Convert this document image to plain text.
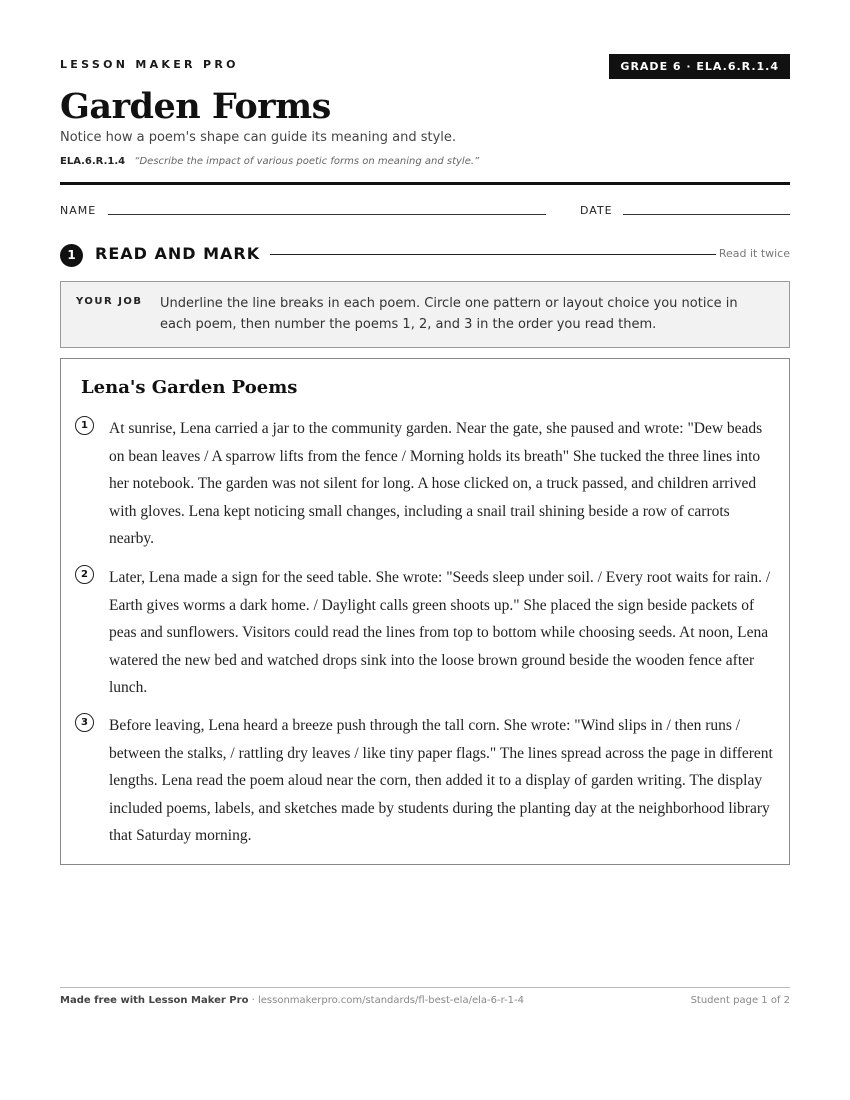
LESSON MAKER PRO	GRADE 6 · ELA.6.R.1.4
Garden Forms
Notice how a poem's shape can guide its meaning and style.
ELA.6.R.1.4 “Describe the impact of various poetic forms on meaning and style.”
NAME	DATE
1	READ AND MARK	Read it twice
YOUR JOB Underline the line breaks in each poem. Circle one pattern or layout choice you notice in each poem, then number the poems 1, 2, and 3 in the order you read them.
Lena's Garden Poems
1	At sunrise, Lena carried a jar to the community garden. Near the gate, she paused and wrote: "Dew beads on bean leaves / A sparrow lifts from the fence / Morning holds its breath" She tucked the three lines into her notebook. The garden was not silent for long. A hose clicked on, a truck passed, and children arrived with gloves. Lena kept noticing small changes, including a snail trail shining beside a row of carrots nearby.
2	Later, Lena made a sign for the seed table. She wrote: "Seeds sleep under soil. / Every root waits for rain. / Earth gives worms a dark home. / Daylight calls green shoots up." She placed the sign beside packets of peas and sunflowers. Visitors could read the lines from top to bottom while choosing seeds. At noon, Lena watered the new bed and watched drops sink into the loose brown ground beside the wooden fence after lunch.
3	Before leaving, Lena heard a breeze push through the tall corn. She wrote: "Wind slips in / then runs / between the stalks, / rattling dry leaves / like tiny paper flags." The lines spread across the page in different lengths. Lena read the poem aloud near the corn, then added it to a display of garden writing. The display included poems, labels, and sketches made by students during the planting day at the neighborhood library that Saturday morning.
Made free with Lesson Maker Pro · lessonmakerpro.com/standards/fl-best-ela/ela-6-r-1-4	Student page 1 of 2
